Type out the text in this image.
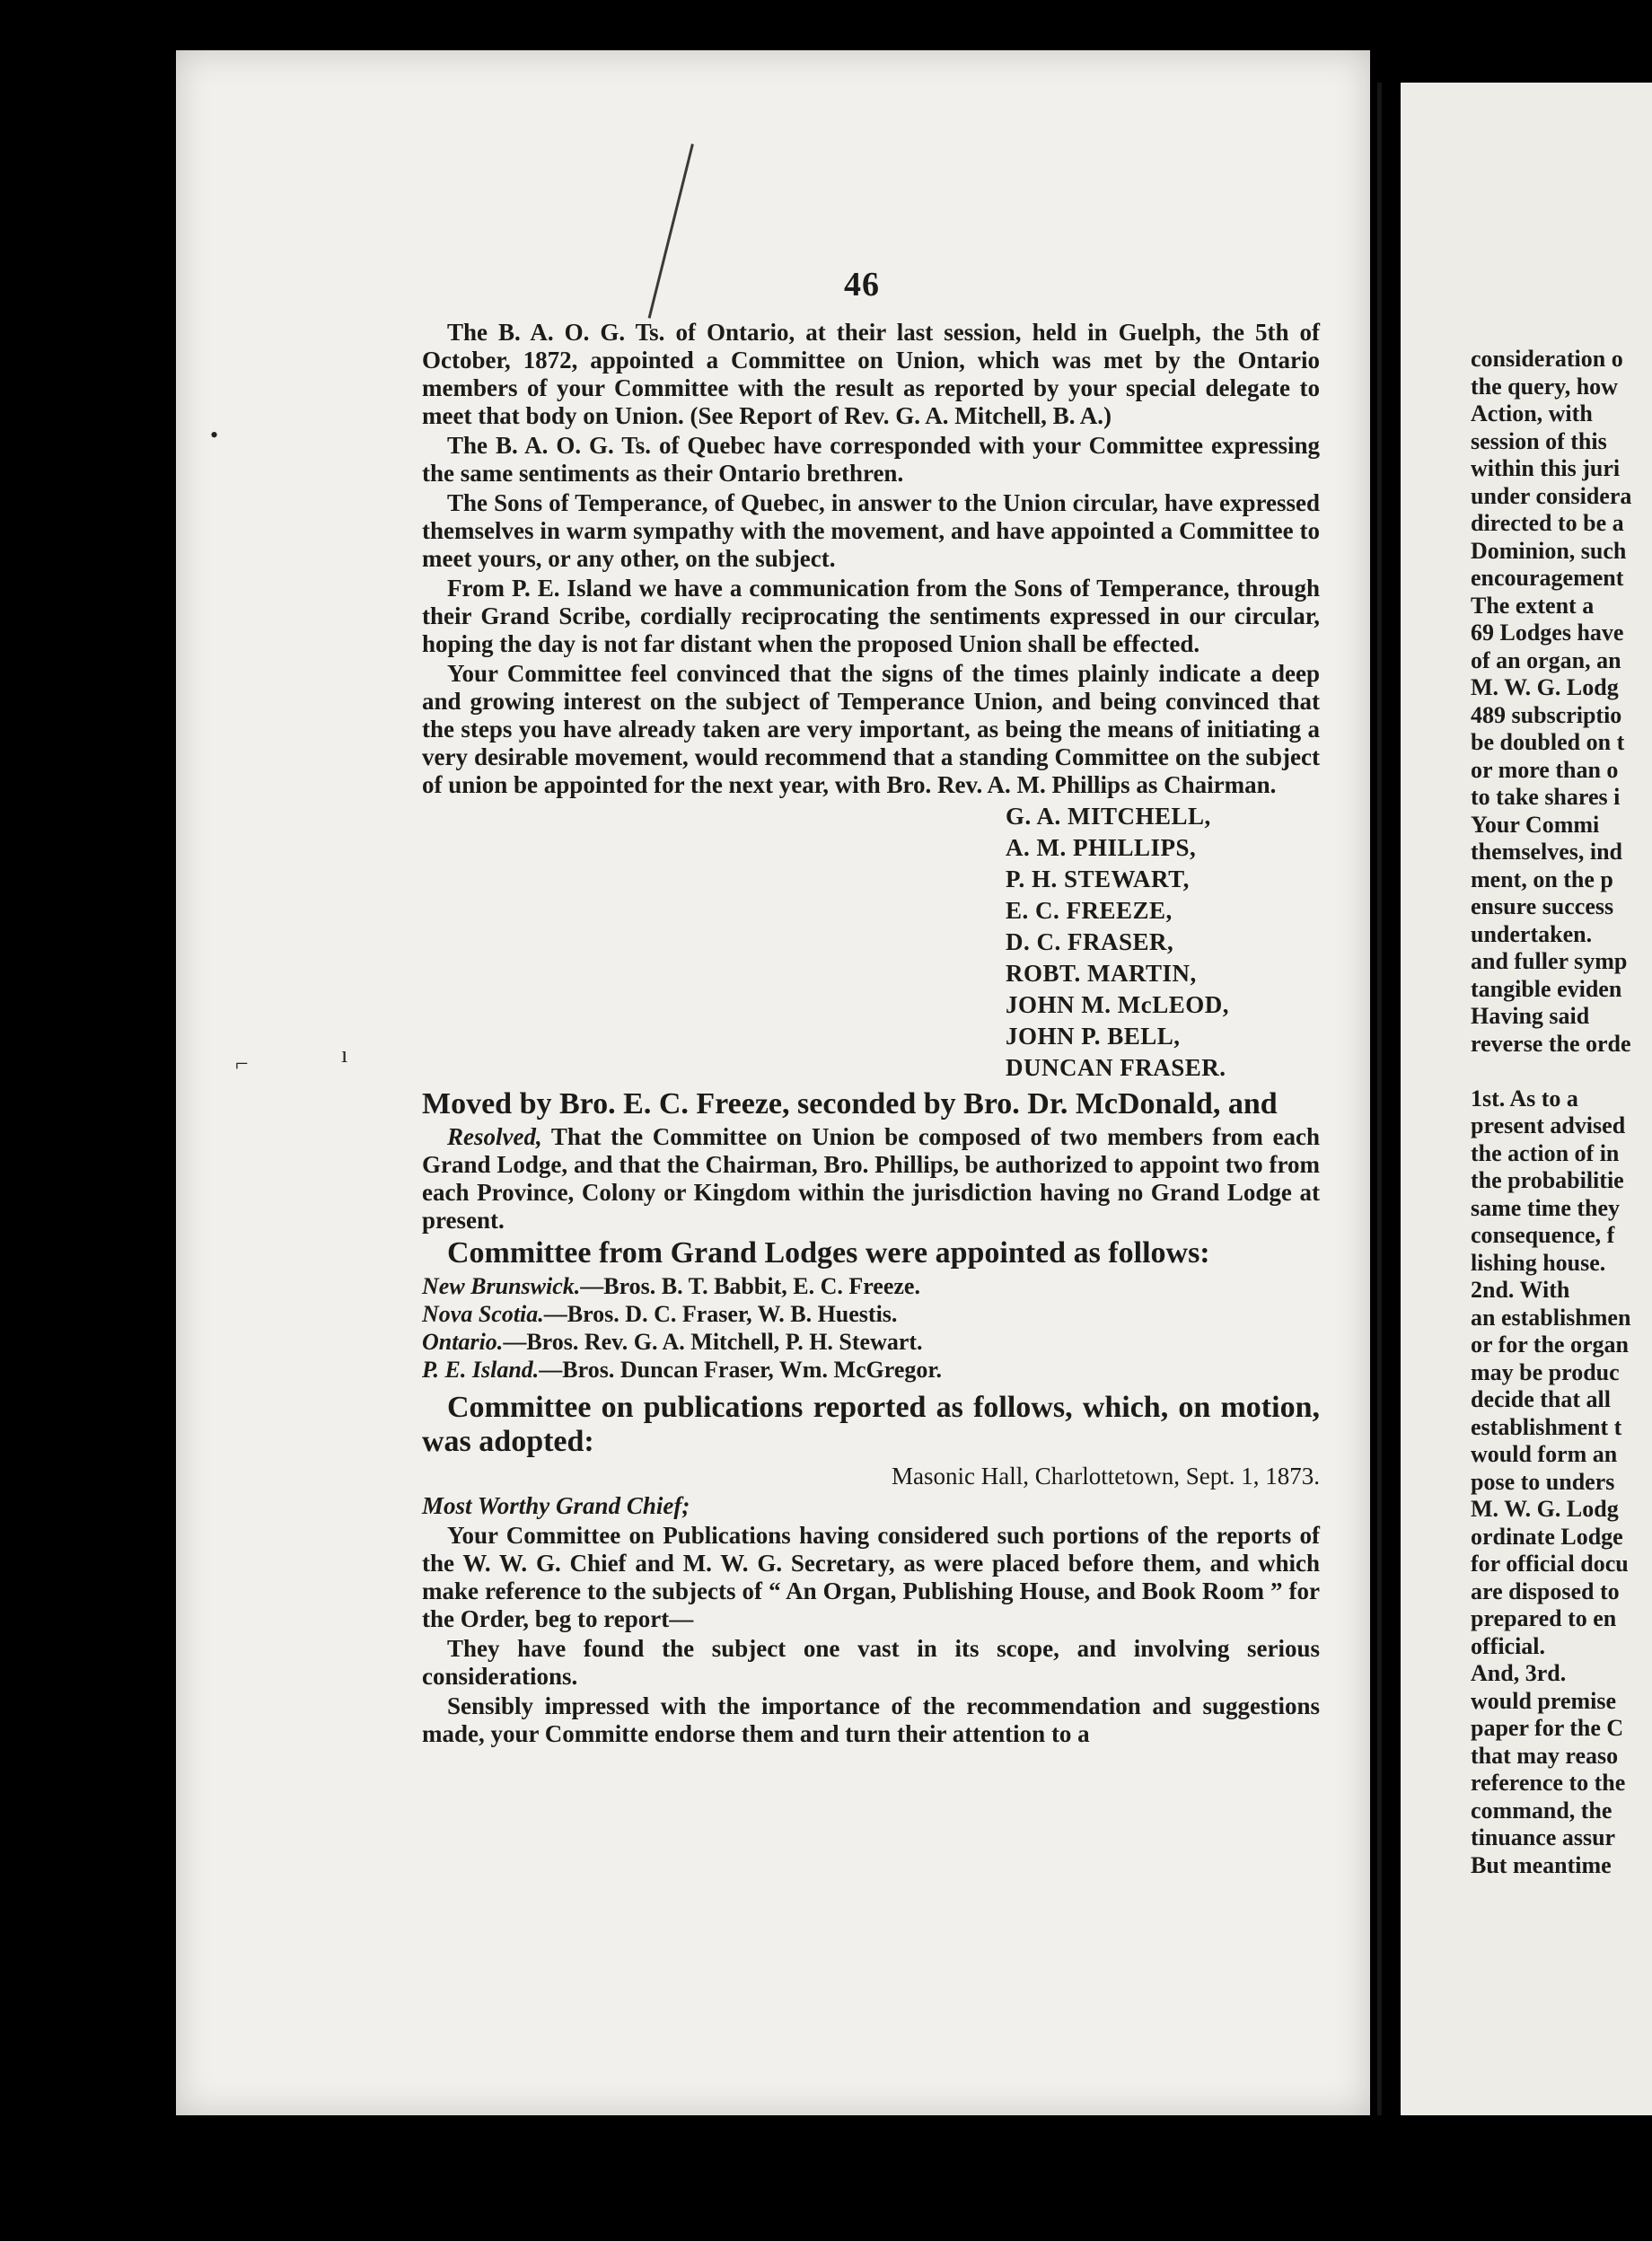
•
⌐	ı
46

The B. A. O. G. Ts. of Ontario, at their last session, held in Guelph, the 5th of October, 1872, appointed a Committee on Union, which was met by the Ontario members of your Committee with the result as reported by your special delegate to meet that body on Union. (See Report of Rev. G. A. Mitchell, B. A.)

The B. A. O. G. Ts. of Quebec have corresponded with your Committee expressing the same sentiments as their Ontario brethren.

The Sons of Temperance, of Quebec, in answer to the Union circular, have expressed themselves in warm sympathy with the movement, and have appointed a Committee to meet yours, or any other, on the subject.

From P. E. Island we have a communication from the Sons of Temperance, through their Grand Scribe, cordially reciprocating the sentiments expressed in our circular, hoping the day is not far distant when the proposed Union shall be effected.

Your Committee feel convinced that the signs of the times plainly indicate a deep and growing interest on the subject of Temperance Union, and being convinced that the steps you have already taken are very important, as being the means of initiating a very desirable movement, would recommend that a standing Committee on the subject of union be appointed for the next year, with Bro. Rev. A. M. Phillips as Chairman.

G. A. MITCHELL,
A. M. PHILLIPS,
P. H. STEWART,
E. C. FREEZE,
D. C. FRASER,
ROBT. MARTIN,
JOHN M. McLEOD,
JOHN P. BELL,
DUNCAN FRASER.

Moved by Bro. E. C. Freeze, seconded by Bro. Dr. McDonald, and

Resolved, That the Committee on Union be composed of two members from each Grand Lodge, and that the Chairman, Bro. Phillips, be authorized to appoint two from each Province, Colony or Kingdom within the jurisdiction having no Grand Lodge at present.

Committee from Grand Lodges were appointed as follows:

New Brunswick.—Bros. B. T. Babbit, E. C. Freeze.
Nova Scotia.—Bros. D. C. Fraser, W. B. Huestis.
Ontario.—Bros. Rev. G. A. Mitchell, P. H. Stewart.
P. E. Island.—Bros. Duncan Fraser, Wm. McGregor.

Committee on publications reported as follows, which, on motion, was adopted:

Masonic Hall, Charlottetown, Sept. 1, 1873.
Most Worthy Grand Chief;

Your Committee on Publications having considered such portions of the reports of the W. W. G. Chief and M. W. G. Secretary, as were placed before them, and which make reference to the subjects of “ An Organ, Publishing House, and Book Room ” for the Order, beg to report—

They have found the subject one vast in its scope, and involving serious considerations.

Sensibly impressed with the importance of the recommendation and suggestions made, your Committe endorse them and turn their attention to a

consideration o
the query, how
Action, with
session of this
within this juri
under considera
directed to be a
Dominion, such
encouragement
The extent a
69 Lodges have
of an organ, an
M. W. G. Lodg
489 subscriptio
be doubled on t
or more than o
to take shares i
Your Commi
themselves, ind
ment, on the p
ensure success
undertaken.
and fuller symp
tangible eviden
Having said
reverse the orde
1st. As to a
present advised
the action of in
the probabilitie
same time they
consequence, f
lishing house.
2nd. With
an establishmen
or for the organ
may be produc
decide that all
establishment t
would form an
pose to unders
M. W. G. Lodg
ordinate Lodge
for official docu
are disposed to
prepared to en
official.
And, 3rd.
would premise
paper for the C
that may reaso
reference to the
command, the
tinuance assur
But meantime
